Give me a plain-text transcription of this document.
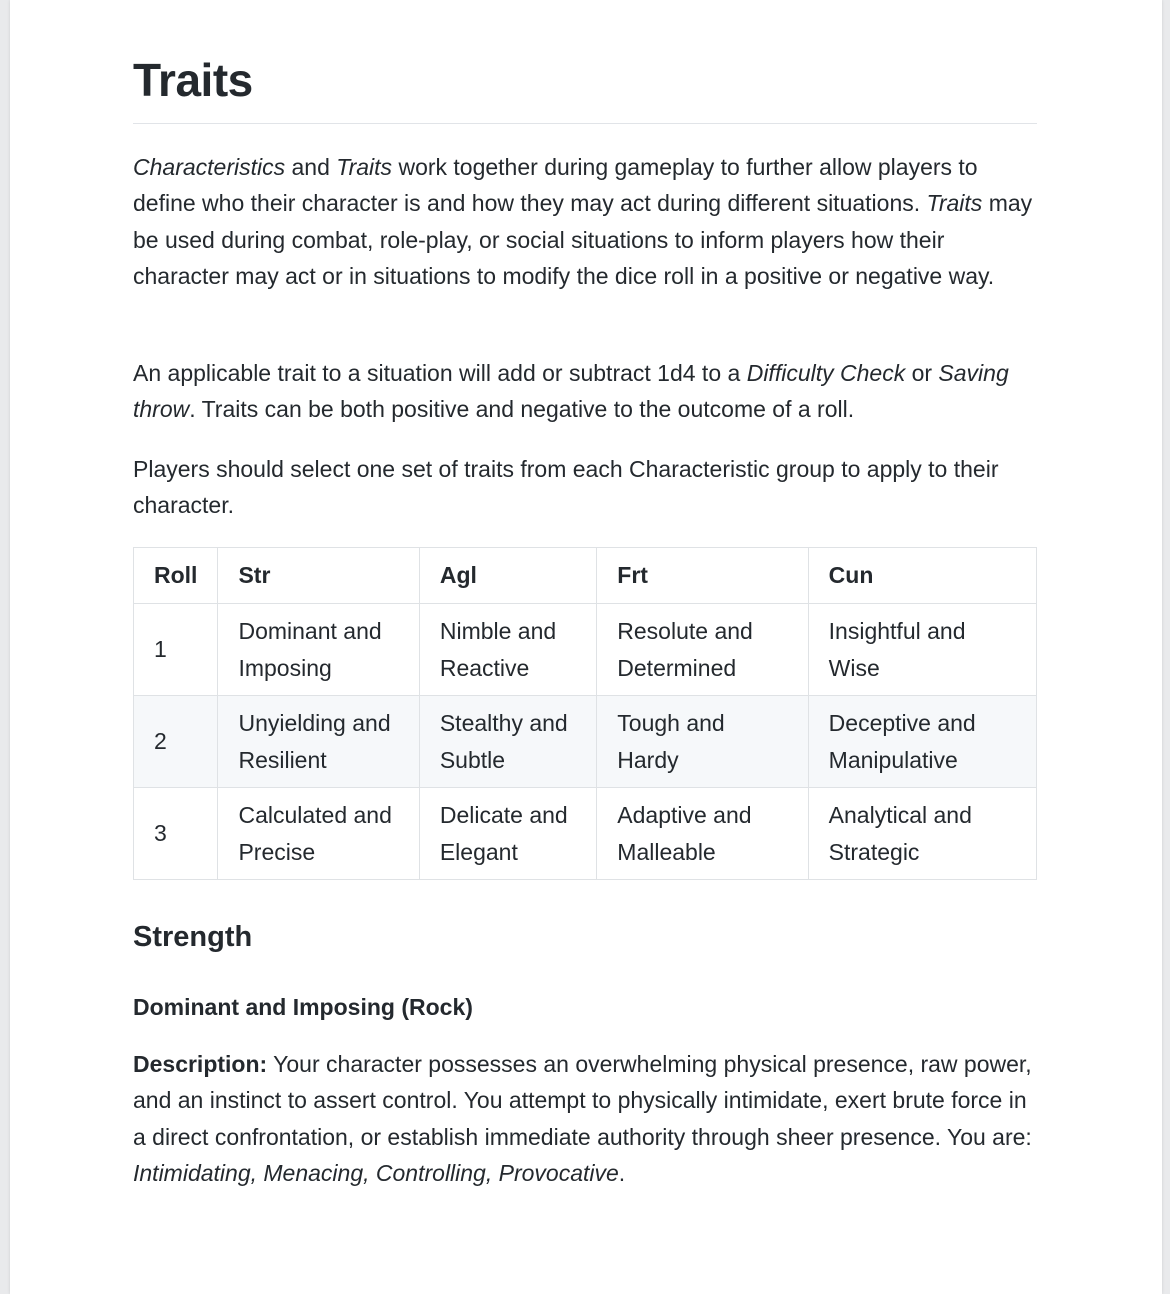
Traits

Characteristics and Traits work together during gameplay to further allow players to define who their character is and how they may act during different situations. Traits may be used during combat, role-play, or social situations to inform players how their character may act or in situations to modify the dice roll in a positive or negative way.

An applicable trait to a situation will add or subtract 1d4 to a Difficulty Check or Saving throw. Traits can be both positive and negative to the outcome of a roll.

Players should select one set of traits from each Characteristic group to apply to their character.

Roll	Str	Agl	Frt	Cun
1	Dominant and Imposing	Nimble and Reactive	Resolute and Determined	Insightful and Wise
2	Unyielding and Resilient	Stealthy and Subtle	Tough and Hardy	Deceptive and Manipulative
3	Calculated and Precise	Delicate and Elegant	Adaptive and Malleable	Analytical and Strategic
Strength
Dominant and Imposing (Rock)

Description: Your character possesses an overwhelming physical presence, raw power, and an instinct to assert control. You attempt to physically intimidate, exert brute force in a direct confrontation, or establish immediate authority through sheer presence. You are: Intimidating, Menacing, Controlling, Provocative.
